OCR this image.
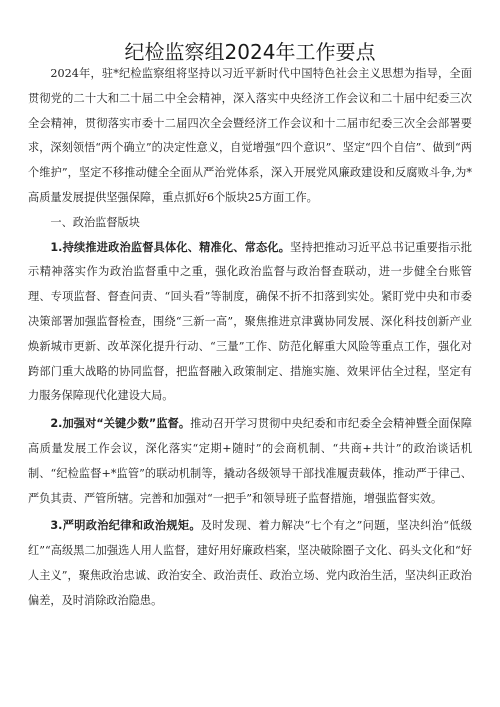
纪检监察组2024年工作要点

2024年，驻*纪检监察组将坚持以习近平新时代中国特色社会主义思想为指导，全面贯彻党的二十大和二十届二中全会精神，深入落实中央经济工作会议和二十届中纪委三次全会精神，贯彻落实市委十二届四次全会暨经济工作会议和十二届市纪委三次全会部署要求，深刻领悟“两个确立”的决定性意义，自觉增强“四个意识”、坚定“四个自信”、做到“两个维护”，坚定不移推动健全全面从严治党体系，深入开展党风廉政建设和反腐败斗争,为*高质量发展提供坚强保障，重点抓好6个版块25方面工作。

一、政治监督版块

1.持续推进政治监督具体化、精准化、常态化。坚持把推动习近平总书记重要指示批示精神落实作为政治监督重中之重，强化政治监督与政治督查联动，进一步健全台账管理、专项监督、督查问责、“回头看”等制度，确保不折不扣落到实处。紧盯党中央和市委决策部署加强监督检查，围绕“三新一高”，聚焦推进京津冀协同发展、深化科技创新产业焕新城市更新、改革深化提升行动、“三量”工作、防范化解重大风险等重点工作，强化对跨部门重大战略的协同监督，把监督融入政策制定、措施实施、效果评估全过程，坚定有力服务保障现代化建设大局。

2.加强对“关键少数”监督。推动召开学习贯彻中央纪委和市纪委全会精神暨全面保障高质量发展工作会议，深化落实“定期+随时”的会商机制、“共商+共计”的政治谈话机制、“纪检监督+*监管”的联动机制等，撬动各级领导干部找准履责载体，推动严于律己、严负其责、严管所辖。完善和加强对“一把手”和领导班子监督措施，增强监督实效。

3.严明政治纪律和政治规矩。及时发现、着力解决“七个有之”问题，坚决纠治“低级红”“高级黑二加强选人用人监督，建好用好廉政档案，坚决破除圈子文化、码头文化和“好人主义”，聚焦政治忠诚、政治安全、政治责任、政治立场、党内政治生活，坚决纠正政治偏差，及时消除政治隐患。
